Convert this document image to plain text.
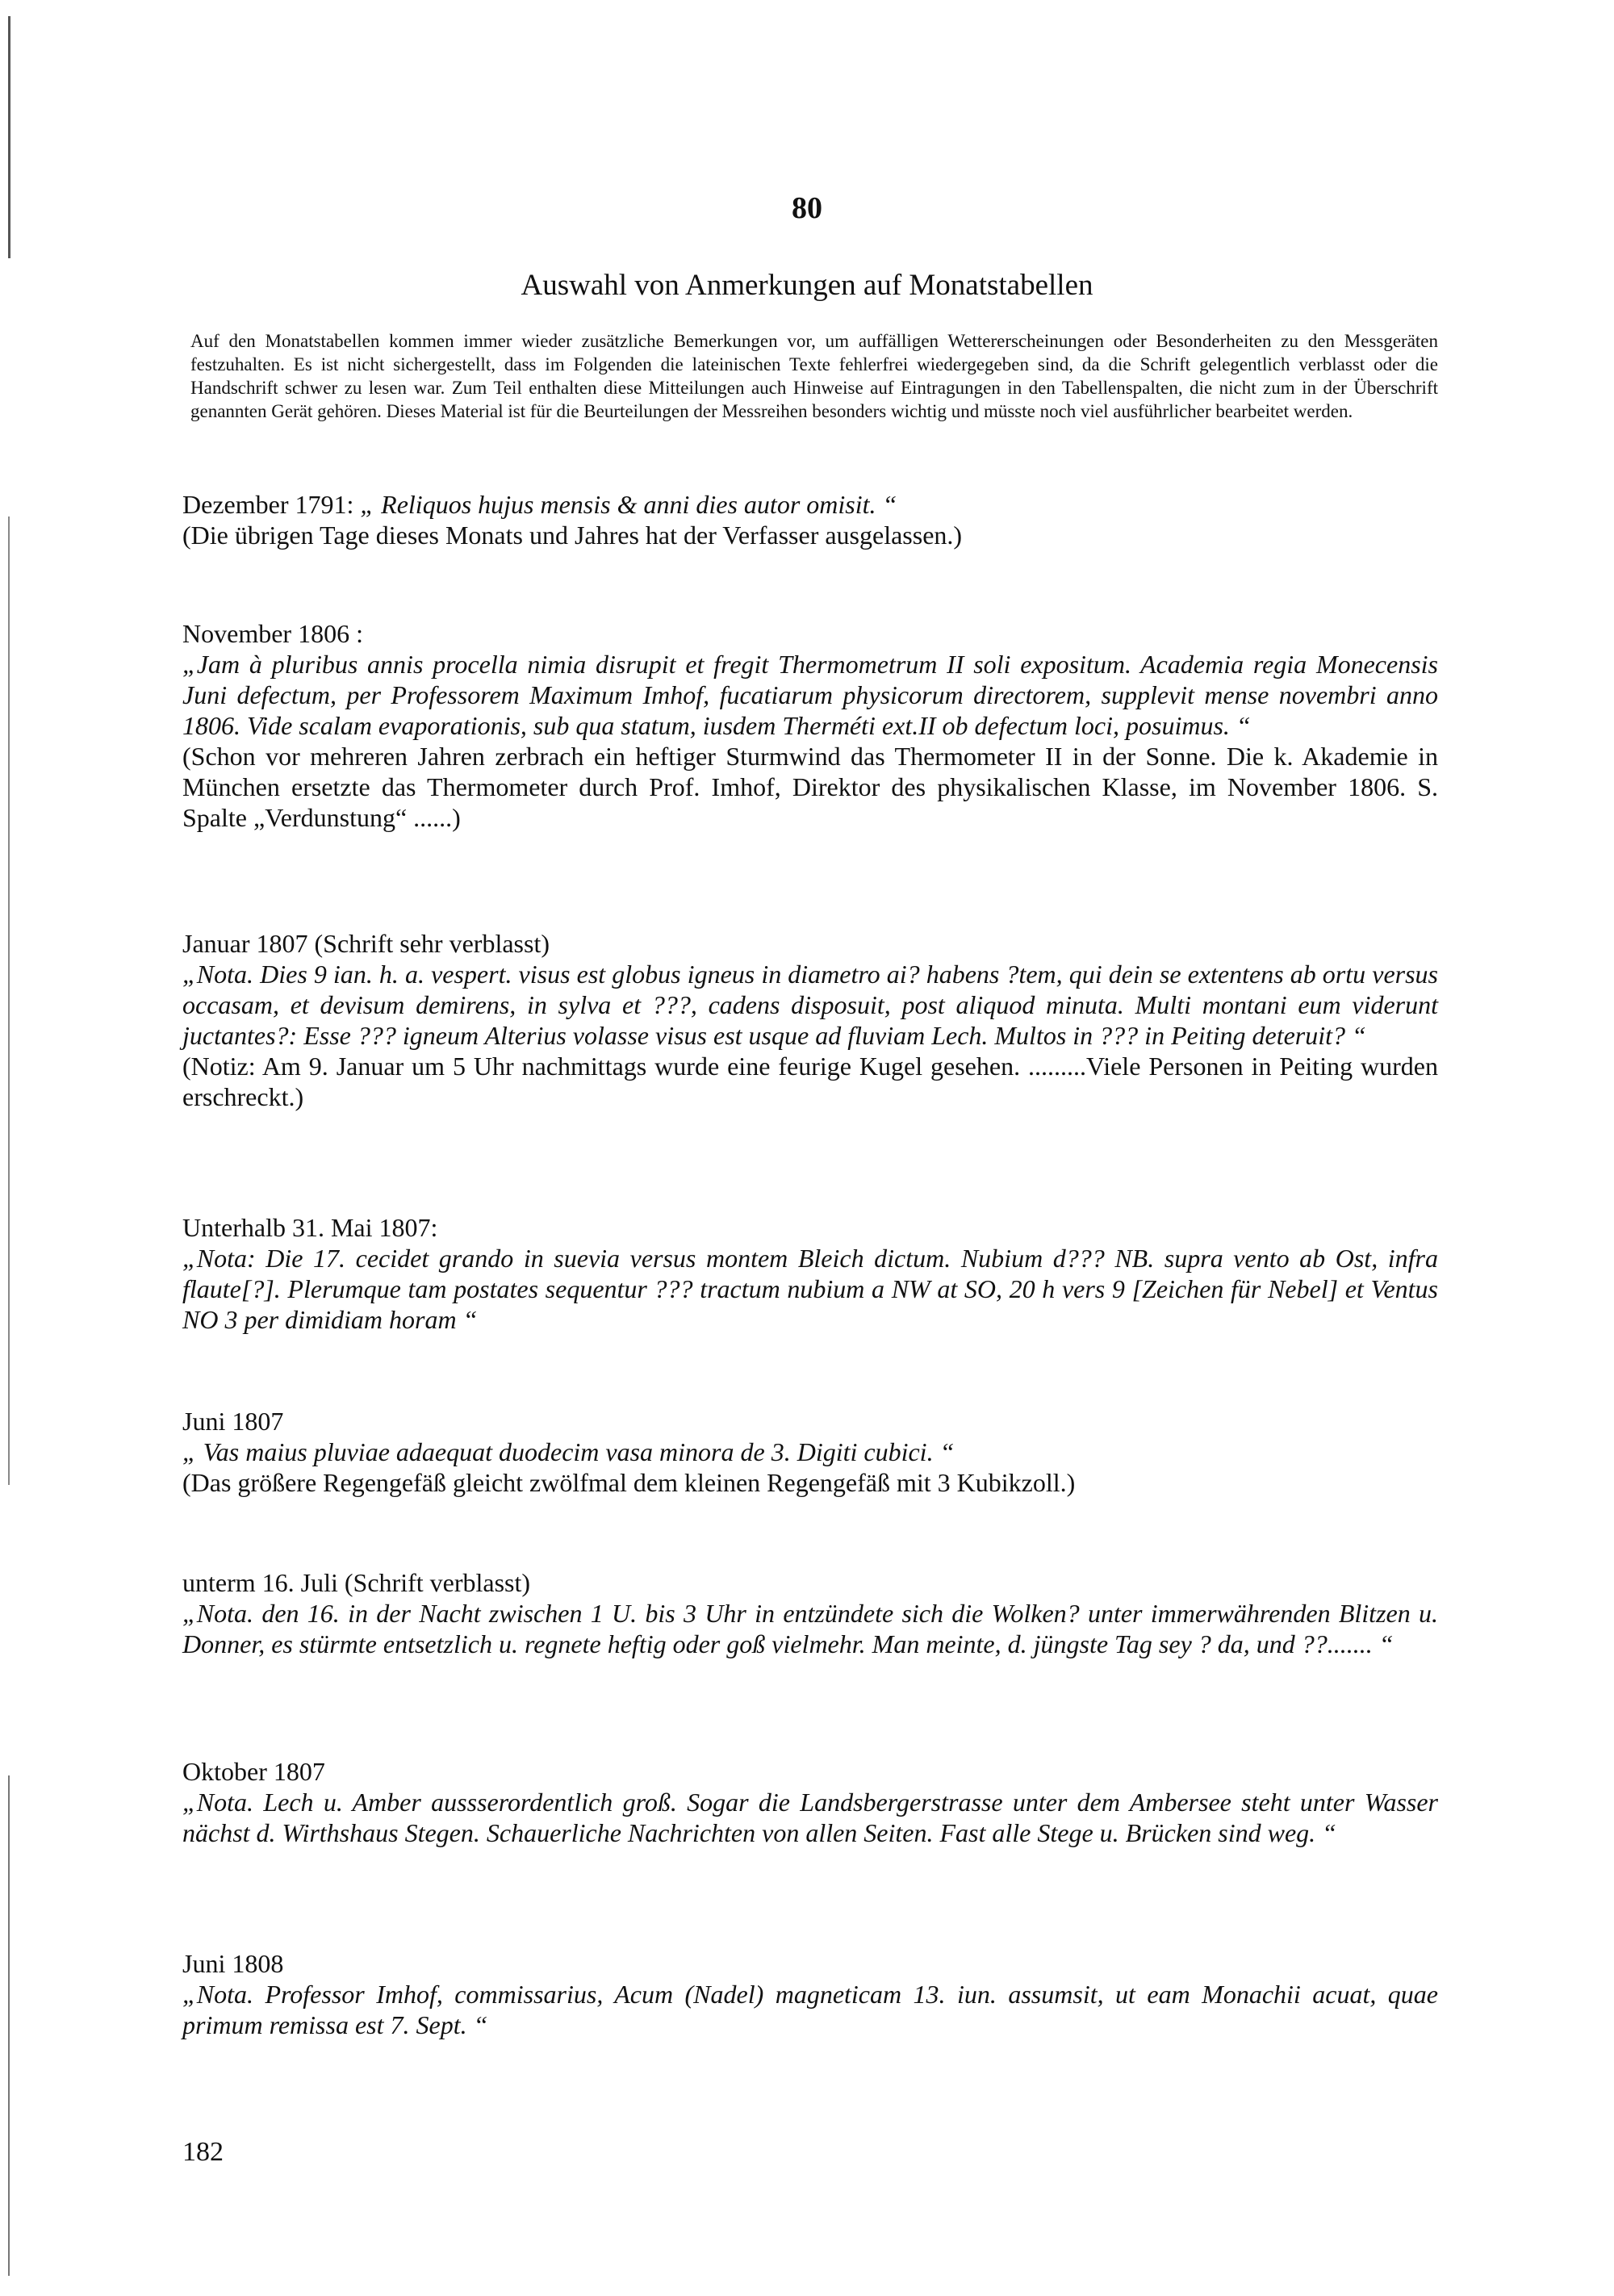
80
Auswahl von Anmerkungen auf Monatstabellen
Auf den Monatstabellen kommen immer wieder zusätzliche Bemerkungen vor, um auffälligen Wettererscheinungen oder Besonderheiten zu den Messgeräten festzuhalten. Es ist nicht sichergestellt, dass im Folgenden die lateinischen Texte fehlerfrei wiedergegeben sind, da die Schrift gelegentlich verblasst oder die Handschrift schwer zu lesen war. Zum Teil enthalten diese Mitteilungen auch Hinweise auf Eintragungen in den Tabellenspalten, die nicht zum in der Überschrift genannten Gerät gehören. Dieses Material ist für die Beurteilungen der Messreihen besonders wichtig und müsste noch viel ausführlicher bearbeitet werden.

Dezember 1791: „ Reliquos hujus mensis & anni dies autor omisit. “

(Die übrigen Tage dieses Monats und Jahres hat der Verfasser ausgelassen.)

November 1806 :

„Jam à pluribus annis procella nimia disrupit et fregit Thermometrum II soli expositum. Academia regia Monecensis Juni defectum, per Professorem Maximum Imhof, fucatiarum physicorum directorem, supplevit mense novembri anno 1806. Vide scalam evaporationis, sub qua statum, iusdem Therméti ext.II ob defectum loci, posuimus. “

(Schon vor mehreren Jahren zerbrach ein heftiger Sturmwind das Thermometer II in der Sonne. Die k. Akademie in München ersetzte das Thermometer durch Prof. Imhof, Direktor des physikalischen Klasse, im November 1806. S. Spalte „Verdunstung“ ......)

Januar 1807 (Schrift sehr verblasst)

„Nota. Dies 9 ian. h. a. vespert. visus est globus igneus in diametro ai? habens ?tem, qui dein se extentens ab ortu versus occasam, et devisum demirens, in sylva et ???, cadens disposuit, post aliquod minuta. Multi montani eum viderunt juctantes?: Esse ??? igneum Alterius volasse visus est usque ad fluviam Lech. Multos in ??? in Peiting deteruit? “

(Notiz: Am 9. Januar um 5 Uhr nachmittags wurde eine feurige Kugel gesehen. .........Viele Personen in Peiting wurden erschreckt.)

Unterhalb 31. Mai 1807:

„Nota: Die 17. cecidet grando in suevia versus montem Bleich dictum. Nubium d??? NB. supra vento ab Ost, infra flaute[?]. Plerumque tam postates sequentur ??? tractum nubium a NW at SO, 20 h vers 9 [Zeichen für Nebel] et Ventus NO 3 per dimidiam horam “

Juni 1807

„ Vas maius pluviae adaequat duodecim vasa minora de 3. Digiti cubici. “

(Das größere Regengefäß gleicht zwölfmal dem kleinen Regengefäß mit 3 Kubikzoll.)

unterm 16. Juli (Schrift verblasst)

„Nota. den 16. in der Nacht zwischen 1 U. bis 3 Uhr in entzündete sich die Wolken? unter immerwährenden Blitzen u. Donner, es stürmte entsetzlich u. regnete heftig oder goß vielmehr. Man meinte, d. jüngste Tag sey ? da, und ??....... “

Oktober 1807

„Nota. Lech u. Amber aussserordentlich groß. Sogar die Landsbergerstrasse unter dem Ambersee steht unter Wasser nächst d. Wirthshaus Stegen. Schauerliche Nachrichten von allen Seiten. Fast alle Stege u. Brücken sind weg. “

Juni 1808

„Nota. Professor Imhof, commissarius, Acum (Nadel) magneticam 13. iun. assumsit, ut eam Monachii acuat, quae primum remissa est 7. Sept. “

182
